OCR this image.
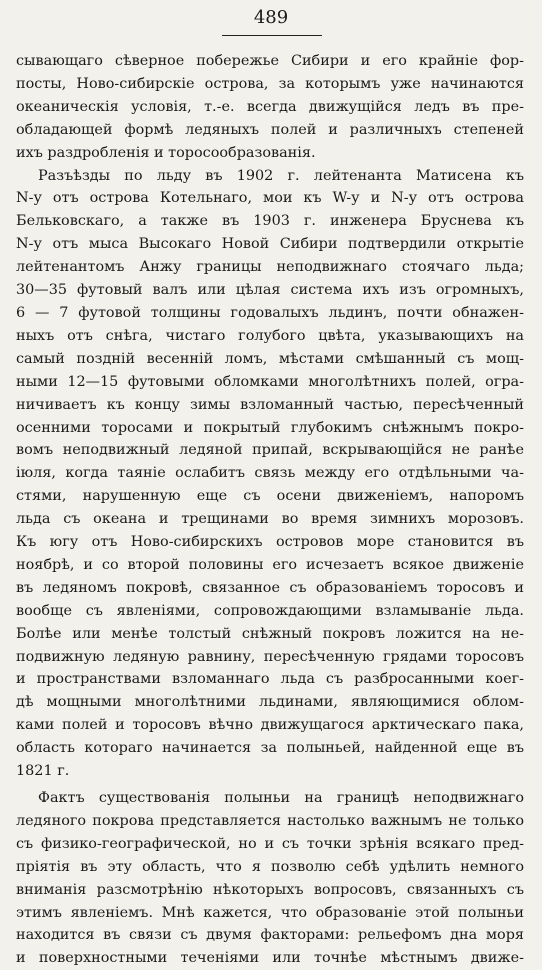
489
сывающаго сѣверное побережье Сибири и его крайніе фор-
посты, Ново-сибирскіе острова, за которымъ уже начинаются
океаническія условія, т.-е. всегда движущійся ледъ въ пре-
обладающей формѣ ледяныхъ полей и различныхъ степеней
ихъ раздробленія и торосообразованія.
Разъѣзды по льду въ 1902 г. лейтенанта Матисена къ
N-у отъ острова Котельнаго, мои къ W-у и N-у отъ острова
Бельковскаго, а также въ 1903 г. инженера Бруснева къ
N-у отъ мыса Высокаго Новой Сибири подтвердили открытіе
лейтенантомъ Анжу границы неподвижнаго стоячаго льда;
30—35 футовый валъ или цѣлая система ихъ изъ огромныхъ,
6 — 7 футовой толщины годовалыхъ льдинъ, почти обнажен-
ныхъ отъ снѣга, чистаго голубого цвѣта, указывающихъ на
самый поздній весенній ломъ, мѣстами смѣшанный съ мощ-
ными 12—15 футовыми обломками многолѣтнихъ полей, огра-
ничиваетъ къ концу зимы взломанный частью, пересѣченный
осенними торосами и покрытый глубокимъ снѣжнымъ покро-
вомъ неподвижный ледяной припай, вскрывающійся не ранѣе
іюля, когда таяніе ослабитъ связь между его отдѣльными ча-
стями, нарушенную еще съ осени движеніемъ, напоромъ
льда съ океана и трещинами во время зимнихъ морозовъ.
Къ югу отъ Ново-сибирскихъ островов море становится въ
ноябрѣ, и со второй половины его исчезаетъ всякое движеніе
въ ледяномъ покровѣ, связанное съ образованіемъ торосовъ и
вообще съ явленіями, сопровождающими взламываніе льда.
Болѣе или менѣе толстый снѣжный покровъ ложится на не-
подвижную ледяную равнину, пересѣченную грядами торосовъ
и пространствами взломаннаго льда съ разбросанными коег-
дѣ мощными многолѣтними льдинами, являющимися облом-
ками полей и торосовъ вѣчно движущагося арктическаго пака,
область котораго начинается за полыньей, найденной еще въ
1821 г.
Фактъ существованія полыньи на границѣ неподвижнаго
ледяного покрова представляется настолько важнымъ не только
съ физико-географической, но и съ точки зрѣнія всякаго пред-
пріятія въ эту область, что я позволю себѣ удѣлить немного
вниманія разсмотрѣнію нѣкоторыхъ вопросовъ, связанныхъ съ
этимъ явленіемъ. Мнѣ кажется, что образованіе этой полыньи
находится въ связи съ двумя факторами: рельефомъ дна моря
и поверхностными теченіями или точнѣе мѣстнымъ движе-
